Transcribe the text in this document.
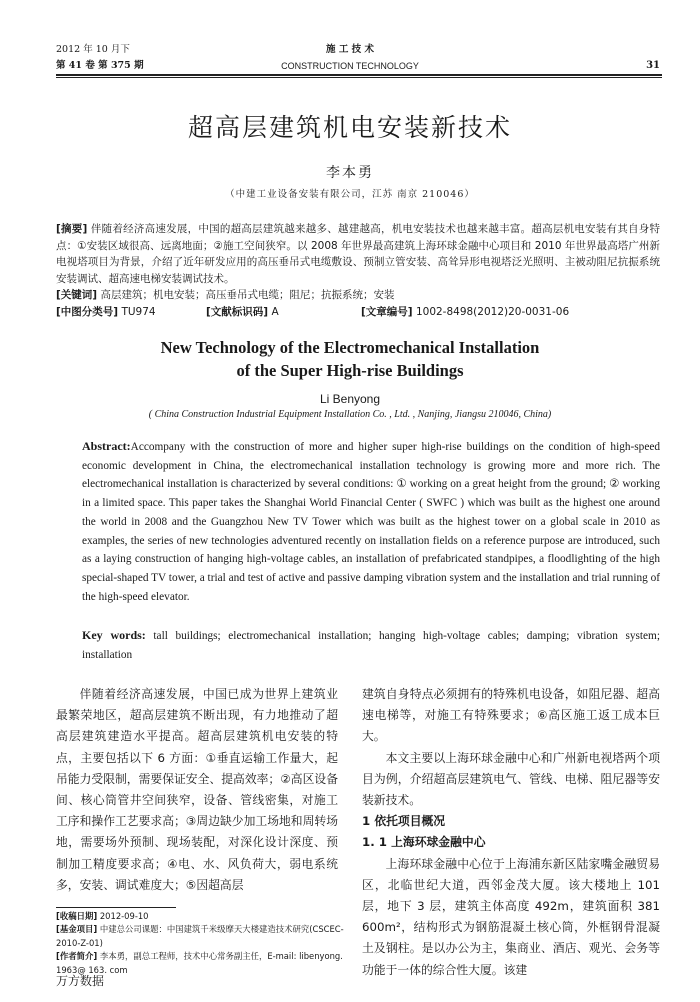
2012 年 10 月下
第 41 卷 第 375 期
施 工 技 术
CONSTRUCTION TECHNOLOGY	31
超高层建筑机电安装新技术
李本勇
（中建工业设备安装有限公司，江苏 南京 210046）
[摘要] 伴随着经济高速发展，中国的超高层建筑越来越多、越建越高，机电安装技术也越来越丰富。超高层机电安装有其自身特点：①安装区域很高、远离地面；②施工空间狭窄。以 2008 年世界最高建筑上海环球金融中心项目和 2010 年世界最高塔广州新电视塔项目为背景，介绍了近年研发应用的高压垂吊式电缆敷设、预制立管安装、高耸异形电视塔泛光照明、主被动阻尼抗振系统安装调试、超高速电梯安装调试技术。
[关键词] 高层建筑；机电安装；高压垂吊式电缆；阻尼；抗振系统；安装
[中图分类号] TU974	[文献标识码] A	[文章编号] 1002-8498(2012)20-0031-06
New Technology of the Electromechanical Installation
of the Super High-rise Buildings
Li Benyong
( China Construction Industrial Equipment Installation Co. , Ltd. , Nanjing, Jiangsu 210046, China)
Abstract:Accompany with the construction of more and higher super high-rise buildings on the condition of high-speed economic development in China, the electromechanical installation technology is growing more and more rich. The electromechanical installation is characterized by several conditions: ① working on a great height from the ground; ② working in a limited space. This paper takes the Shanghai World Financial Center ( SWFC ) which was built as the highest one around the world in 2008 and the Guangzhou New TV Tower which was built as the highest tower on a global scale in 2010 as examples, the series of new technologies adventured recently on installation fields on a reference purpose are introduced, such as a laying construction of hanging high-voltage cables, an installation of prefabricated standpipes, a floodlighting of the high special-shaped TV tower, a trial and test of active and passive damping vibration system and the installation and trial running of the high-speed elevator.
Key words: tall buildings; electromechanical installation; hanging high-voltage cables; damping; vibration system; installation

伴随着经济高速发展，中国已成为世界上建筑业最繁荣地区，超高层建筑不断出现，有力地推动了超高层建筑建造水平提高。超高层建筑机电安装的特点，主要包括以下 6 方面：①垂直运输工作量大，起吊能力受限制，需要保证安全、提高效率；②高区设备间、核心筒管井空间狭窄，设备、管线密集，对施工工序和操作工艺要求高；③周边缺少加工场地和周转场地，需要场外预制、现场装配，对深化设计深度、预制加工精度要求高；④电、水、风负荷大，弱电系统多，安装、调试难度大；⑤因超高层

建筑自身特点必须拥有的特殊机电设备，如阻尼器、超高速电梯等，对施工有特殊要求；⑥高区施工返工成本巨大。

本文主要以上海环球金融中心和广州新电视塔两个项目为例，介绍超高层建筑电气、管线、电梯、阻尼器等安装新技术。

1 依托项目概况

1. 1 上海环球金融中心

上海环球金融中心位于上海浦东新区陆家嘴金融贸易区，北临世纪大道，西邻金茂大厦。该大楼地上 101 层，地下 3 层，建筑主体高度 492m，建筑面积 381 600m²，结构形式为钢筋混凝土核心筒，外框钢骨混凝土及钢柱。是以办公为主，集商业、酒店、观光、会务等功能于一体的综合性大厦。该建

[收稿日期] 2012-09-10
[基金项目] 中建总公司课题：中国建筑千米级摩天大楼建造技术研究(CSCEC-2010-Z-01)
[作者简介] 李本勇，副总工程师，技术中心常务副主任，E-mail: libenyong. 1963@ 163. com
万方数据
